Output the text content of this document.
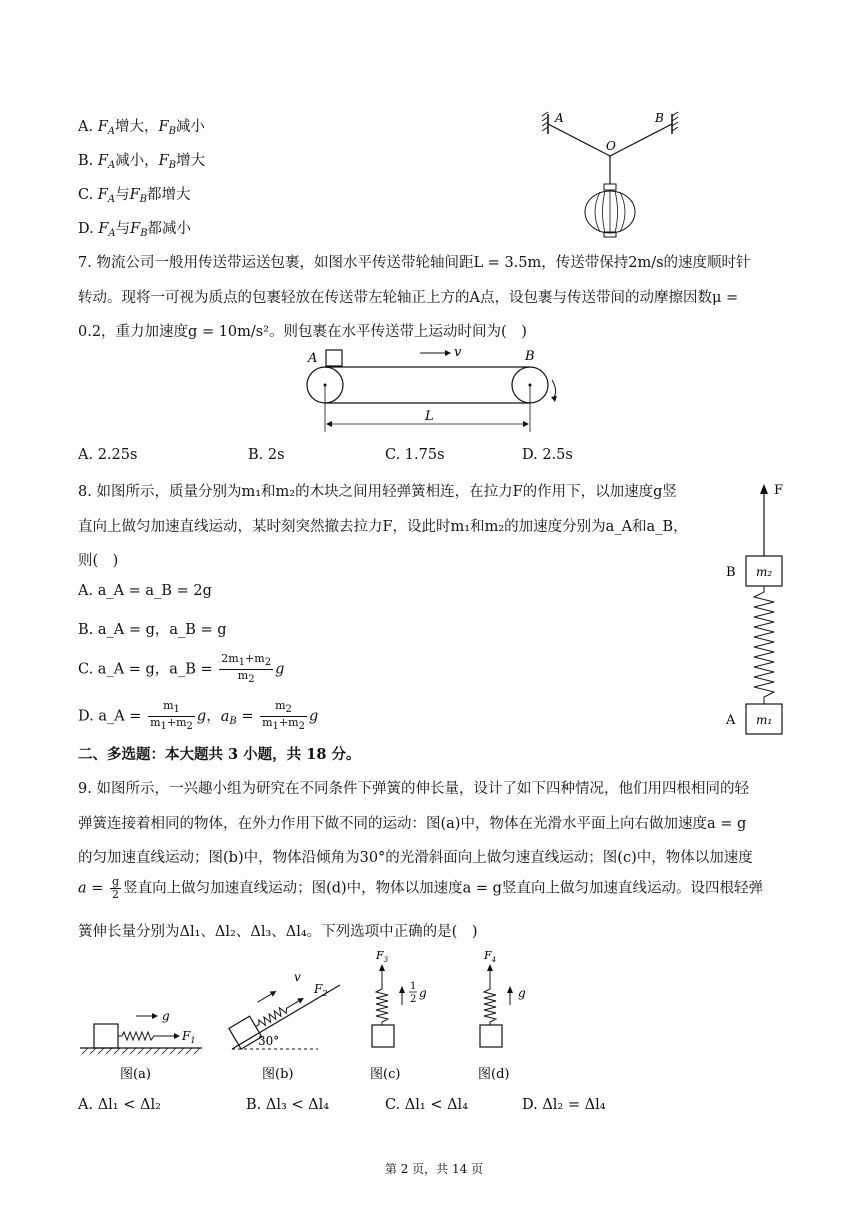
A. $F_A$增大，$F_B$减小
B. $F_A$减小，$F_B$增大
C. $F_A$与$F_B$都增大
D. $F_A$与$F_B$都减小
A	B
O
7. 物流公司一般用传送带运送包裹，如图水平传送带轮轴间距L = 3.5m，传送带保持2m/s的速度顺时针
转动。现将一可视为质点的包裹轻放在传送带左轮轴正上方的A点，设包裹与传送带间的动摩擦因数μ =
0.2，重力加速度g = 10m/s²。则包裹在水平传送带上运动时间为(　)
A	B
v
L
A. 2.25s	B. 2s	C. 1.75s	D. 2.5s
8. 如图所示，质量分别为m₁和m₂的木块之间用轻弹簧相连，在拉力F的作用下，以加速度g竖
直向上做匀加速直线运动，某时刻突然撤去拉力F，设此时m₁和m₂的加速度分别为a_A和a_B，
则(　)
A. a_A = a_B = 2g
B. a_A = g，a_B = g
C. a_A = g，a_B = $\frac{2m_1+m_2}{m_2}$ g
D. a_A = $\frac{m_1}{m_1+m_2}$ g，$a_B = \frac{m_2}{m_1+m_2}$ g
F
m₂
B
m₁
A
二、多选题：本大题共 3 小题，共 18 分。
9. 如图所示，一兴趣小组为研究在不同条件下弹簧的伸长量，设计了如下四种情况，他们用四根相同的轻
弹簧连接着相同的物体，在外力作用下做不同的运动：图(a)中，物体在光滑水平面上向右做加速度a = g
的匀加速直线运动；图(b)中，物体沿倾角为30°的光滑斜面向上做匀速直线运动；图(c)中，物体以加速度
$a = \frac{g}{2}$ 竖直向上做匀加速直线运动；图(d)中，物体以加速度a = g竖直向上做匀加速直线运动。设四根轻弹
簧伸长量分别为Δl₁、Δl₂、Δl₃、Δl₄。下列选项中正确的是(　)
$F_1$
g
图(a)
v
$F_2$
30°
图(b)
$F_3$
1
2 g
图(c)
$F_4$
g
图(d)
A. Δl₁ < Δl₂	B. Δl₃ < Δl₄	C. Δl₁ < Δl₄	D. Δl₂ = Δl₄
第 2 页，共 14 页
